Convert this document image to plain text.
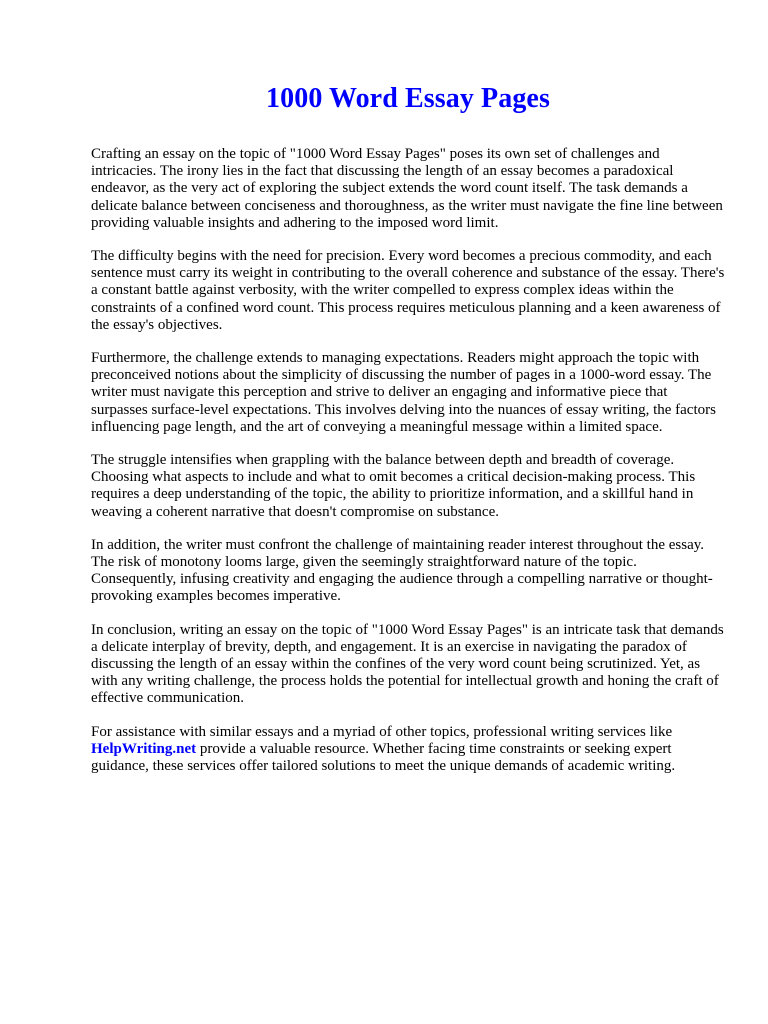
1000 Word Essay Pages

Crafting an essay on the topic of "1000 Word Essay Pages" poses its own set of challenges and intricacies. The irony lies in the fact that discussing the length of an essay becomes a paradoxical endeavor, as the very act of exploring the subject extends the word count itself. The task demands a delicate balance between conciseness and thoroughness, as the writer must navigate the fine line between providing valuable insights and adhering to the imposed word limit.

The difficulty begins with the need for precision. Every word becomes a precious commodity, and each sentence must carry its weight in contributing to the overall coherence and substance of the essay. There's a constant battle against verbosity, with the writer compelled to express complex ideas within the constraints of a confined word count. This process requires meticulous planning and a keen awareness of the essay's objectives.

Furthermore, the challenge extends to managing expectations. Readers might approach the topic with preconceived notions about the simplicity of discussing the number of pages in a 1000-word essay. The writer must navigate this perception and strive to deliver an engaging and informative piece that surpasses surface-level expectations. This involves delving into the nuances of essay writing, the factors influencing page length, and the art of conveying a meaningful message within a limited space.

The struggle intensifies when grappling with the balance between depth and breadth of coverage. Choosing what aspects to include and what to omit becomes a critical decision-making process. This requires a deep understanding of the topic, the ability to prioritize information, and a skillful hand in weaving a coherent narrative that doesn't compromise on substance.

In addition, the writer must confront the challenge of maintaining reader interest throughout the essay. The risk of monotony looms large, given the seemingly straightforward nature of the topic. Consequently, infusing creativity and engaging the audience through a compelling narrative or thought-provoking examples becomes imperative.

In conclusion, writing an essay on the topic of "1000 Word Essay Pages" is an intricate task that demands a delicate interplay of brevity, depth, and engagement. It is an exercise in navigating the paradox of discussing the length of an essay within the confines of the very word count being scrutinized. Yet, as with any writing challenge, the process holds the potential for intellectual growth and honing the craft of effective communication.

For assistance with similar essays and a myriad of other topics, professional writing services like
HelpWriting.net provide a valuable resource. Whether facing time constraints or seeking expert guidance, these services offer tailored solutions to meet the unique demands of academic writing.
